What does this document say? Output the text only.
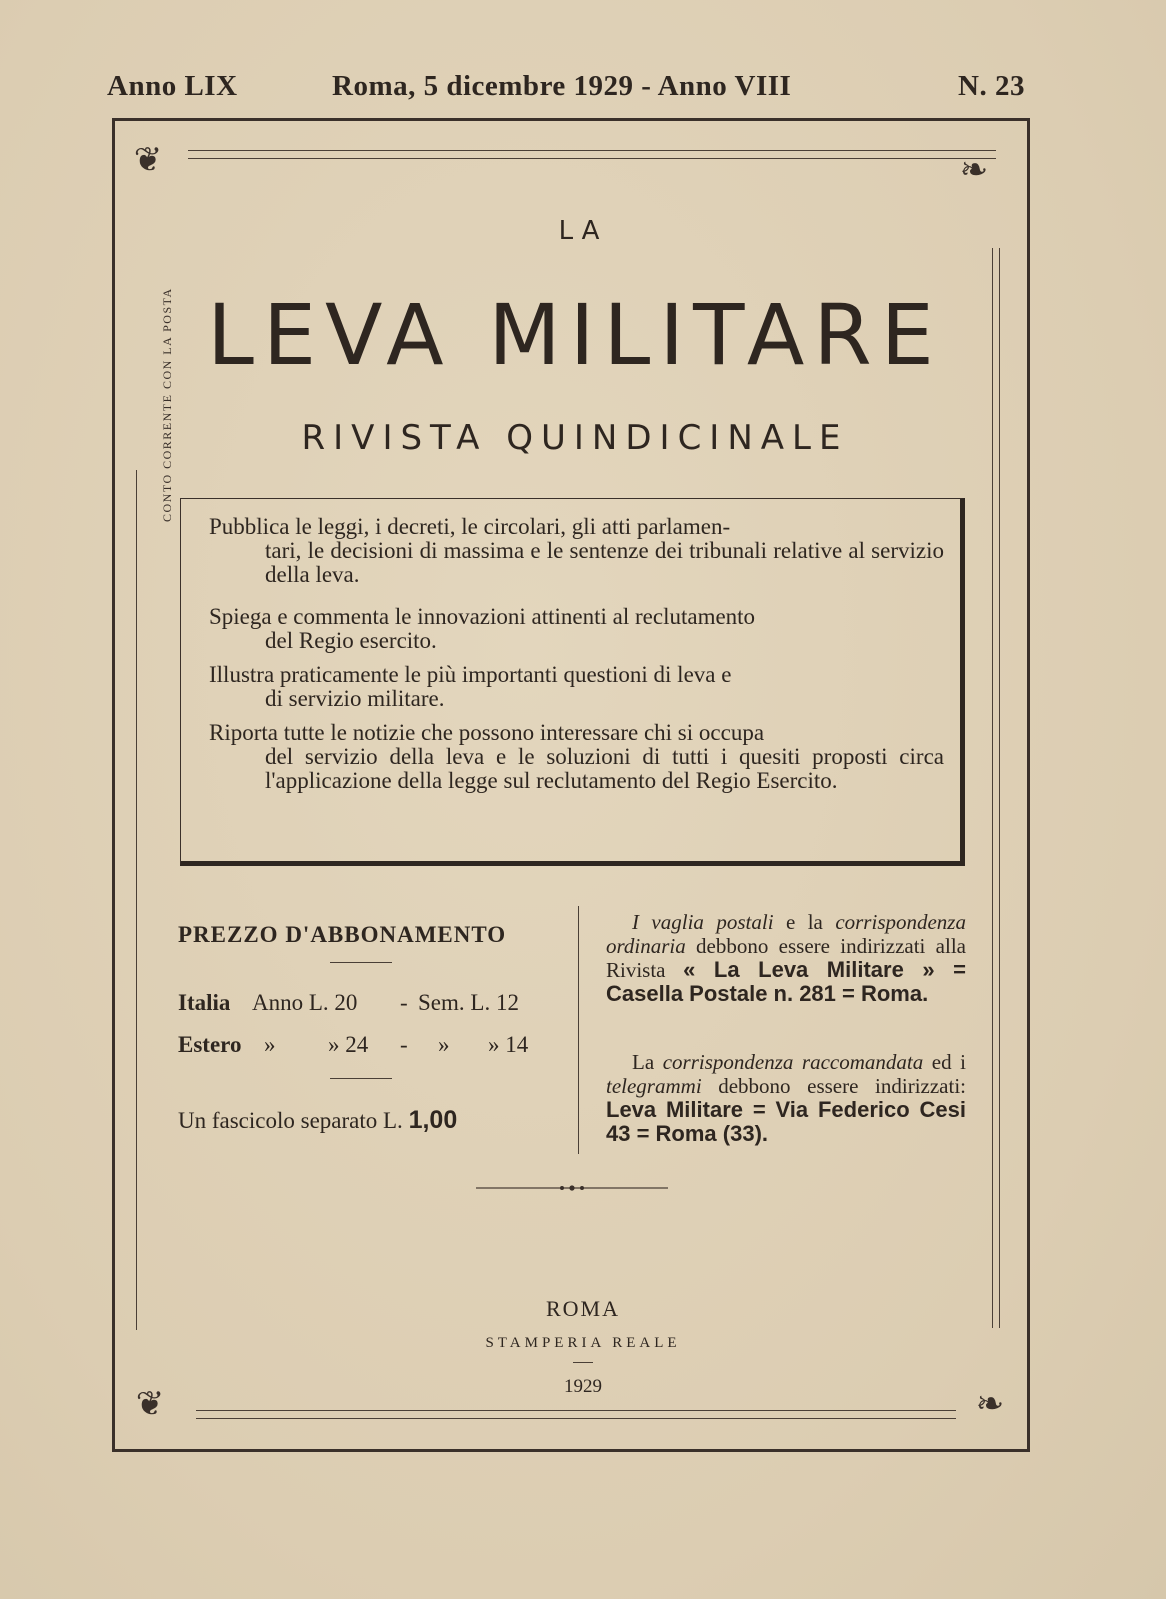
Anno LIX	Roma, 5 dicembre 1929 - Anno VIII	N. 23
❦	❧
❦	❧
CONTO CORRENTE CON LA POSTA
LA
LEVA MILITARE
RIVISTA QUINDICINALE
Pubblica le leggi, i decreti, le circolari, gli atti parlamen-
tari, le decisioni di massima e le sentenze dei tribunali relative al servizio della leva.
Spiega e commenta le innovazioni attinenti al reclutamento
del Regio esercito.
Illustra praticamente le più importanti questioni di leva e
di servizio militare.
Riporta tutte le notizie che possono interessare chi si occupa
del servizio della leva e le soluzioni di tutti i quesiti proposti circa l'applicazione della legge sul reclutamento del Regio Esercito.
PREZZO D'ABBONAMENTO
Italia Anno L. 20 - Sem. L. 12
Estero » » 24 - » » 14
Un fascicolo separato L. 1,00
I vaglia postali e la corrispondenza ordinaria debbono essere indirizzati alla Rivista « La Leva Militare » = Casella Postale n. 281 = Roma.
La corrispondenza raccomandata ed i telegrammi debbono essere indirizzati: Leva Militare = Via Federico Cesi 43 = Roma (33).
ROMA
STAMPERIA REALE
1929
